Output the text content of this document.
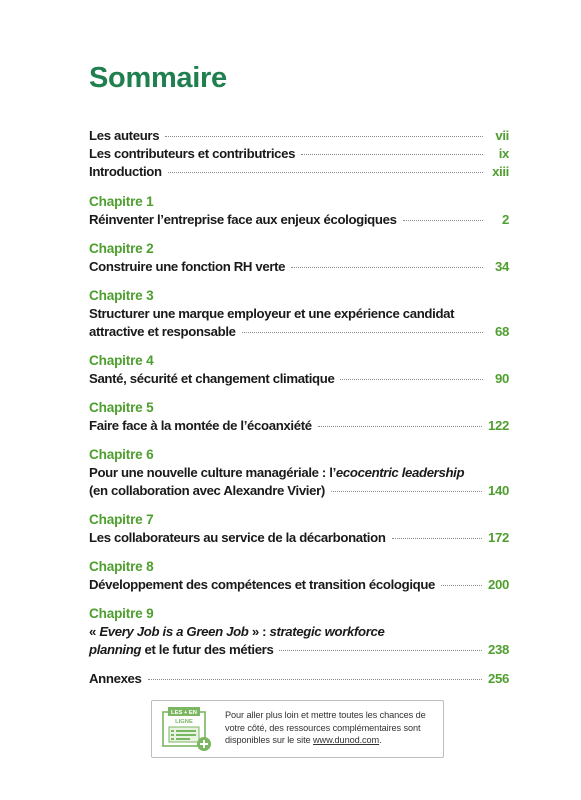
Sommaire
Les auteurs	vii
Les contributeurs et contributrices	ix
Introduction	xiii
Chapitre 1
Réinventer l’entreprise face aux enjeux écologiques	2
Chapitre 2
Construire une fonction RH verte	34
Chapitre 3
Structurer une marque employeur et une expérience candidat
attractive et responsable	68
Chapitre 4
Santé, sécurité et changement climatique	90
Chapitre 5
Faire face à la montée de l’écoanxiété	122
Chapitre 6
Pour une nouvelle culture managériale : l’ecocentric leadership
(en collaboration avec Alexandre Vivier)	140
Chapitre 7
Les collaborateurs au service de la décarbonation	172
Chapitre 8
Développement des compétences et transition écologique	200
Chapitre 9
« Every Job is a Green Job » : strategic workforce
planning et le futur des métiers	238
Annexes	256
LES + EN
LIGNE
Pour aller plus loin et mettre toutes les chances de votre côté, des ressources complémentaires sont disponibles sur le site www.dunod.com.
